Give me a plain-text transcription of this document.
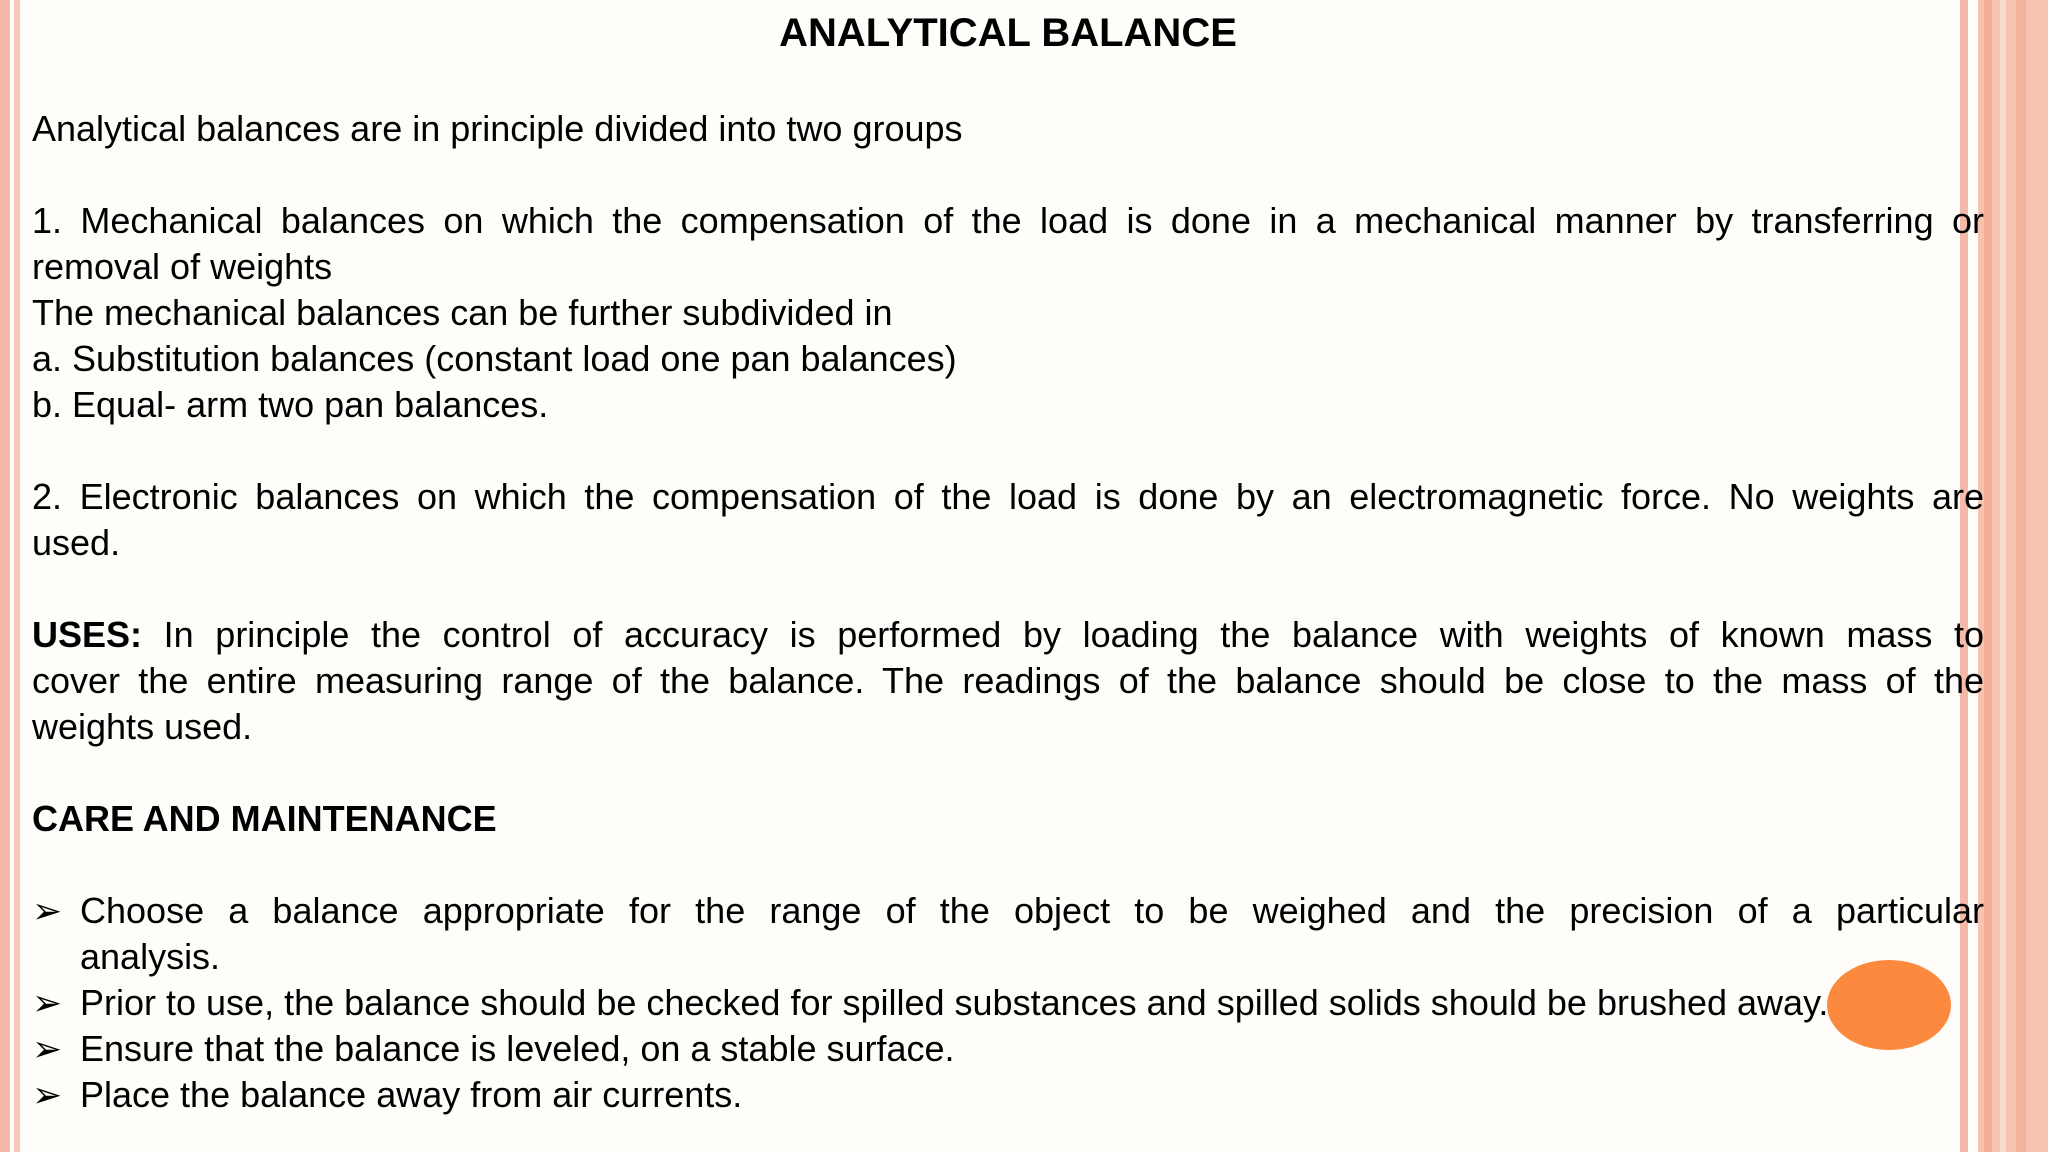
ANALYTICAL BALANCE

Analytical balances are in principle divided into two groups

1. Mechanical balances on which the compensation of the load is done in a mechanical manner by transferring or
removal of weights
The mechanical balances can be further subdivided in
a. Substitution balances (constant load one pan balances)
b. Equal- arm two pan balances.
2. Electronic balances on which the compensation of the load is done by an electromagnetic force. No weights are
used.
USES: In principle the control of accuracy is performed by loading the balance with weights of known mass to
cover the entire measuring range of the balance. The readings of the balance should be close to the mass of the
weights used.

CARE AND MAINTENANCE

➢ Choose a balance appropriate for the range of the object to be weighed and the precision of a particular
analysis.
➢ Prior to use, the balance should be checked for spilled substances and spilled solids should be brushed away.
➢ Ensure that the balance is leveled, on a stable surface.
➢ Place the balance away from air currents.
